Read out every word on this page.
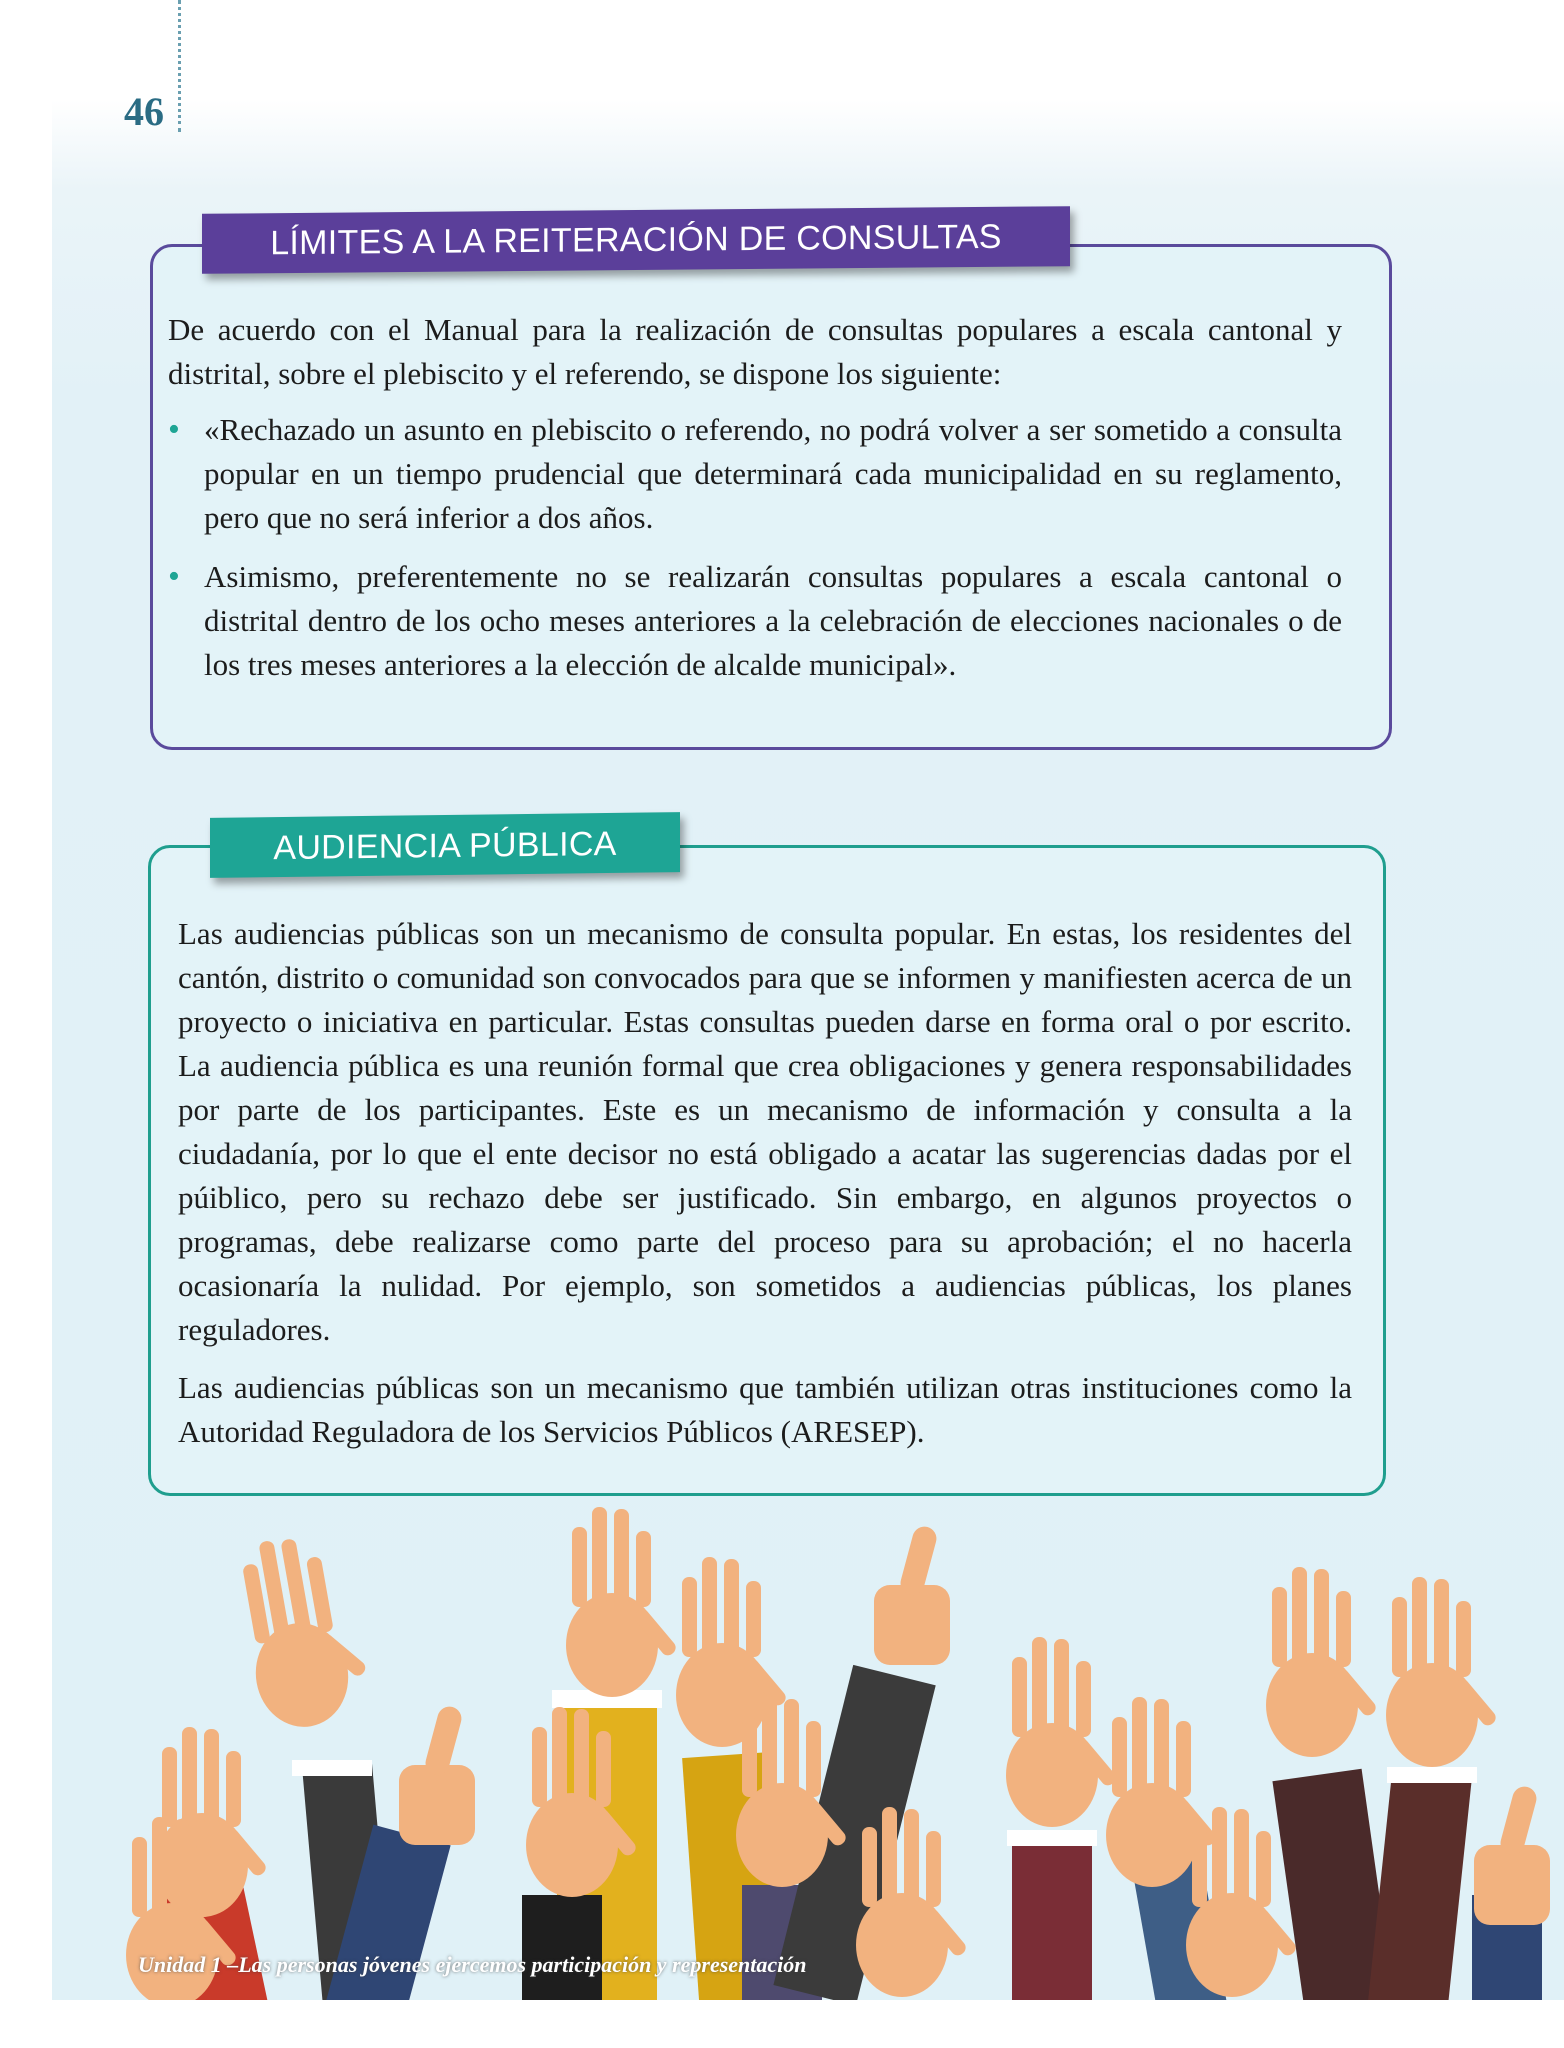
46
LÍMITES A LA REITERACIÓN DE CONSULTAS

De acuerdo con el Manual para la realización de consultas populares a escala cantonal y distrital, sobre el plebiscito y el referendo, se dispone los siguiente:

• «Rechazado un asunto en plebiscito o referendo, no podrá volver a ser sometido a consulta popular en un tiempo prudencial que determinará cada municipalidad en su reglamento, pero que no será inferior a dos años.
• Asimismo, preferentemente no se realizarán consultas populares a escala cantonal o distrital dentro de los ocho meses anteriores a la celebración de elecciones nacionales o de los tres meses anteriores a la elección de alcalde municipal».
AUDIENCIA PÚBLICA

Las audiencias públicas son un mecanismo de consulta popular. En estas, los residentes del cantón, distrito o comunidad son convocados para que se informen y manifiesten acerca de un proyecto o iniciativa en particular. Estas consultas pueden darse en forma oral o por escrito. La audiencia pública es una reunión formal que crea obligaciones y genera responsabilidades por parte de los participantes. Este es un mecanismo de información y consulta a la ciudadanía, por lo que el ente decisor no está obligado a acatar las sugerencias dadas por el púiblico, pero su rechazo debe ser justificado. Sin embargo, en algunos proyectos o programas, debe realizarse como parte del proceso para su aprobación; el no hacerla ocasionaría la nulidad. Por ejemplo, son sometidos a audiencias públicas, los planes reguladores.

Las audiencias públicas son un mecanismo que también utilizan otras instituciones como la Autoridad Reguladora de los Servicios Públicos (ARESEP).

Unidad 1 –Las personas jóvenes ejercemos participación y representación
